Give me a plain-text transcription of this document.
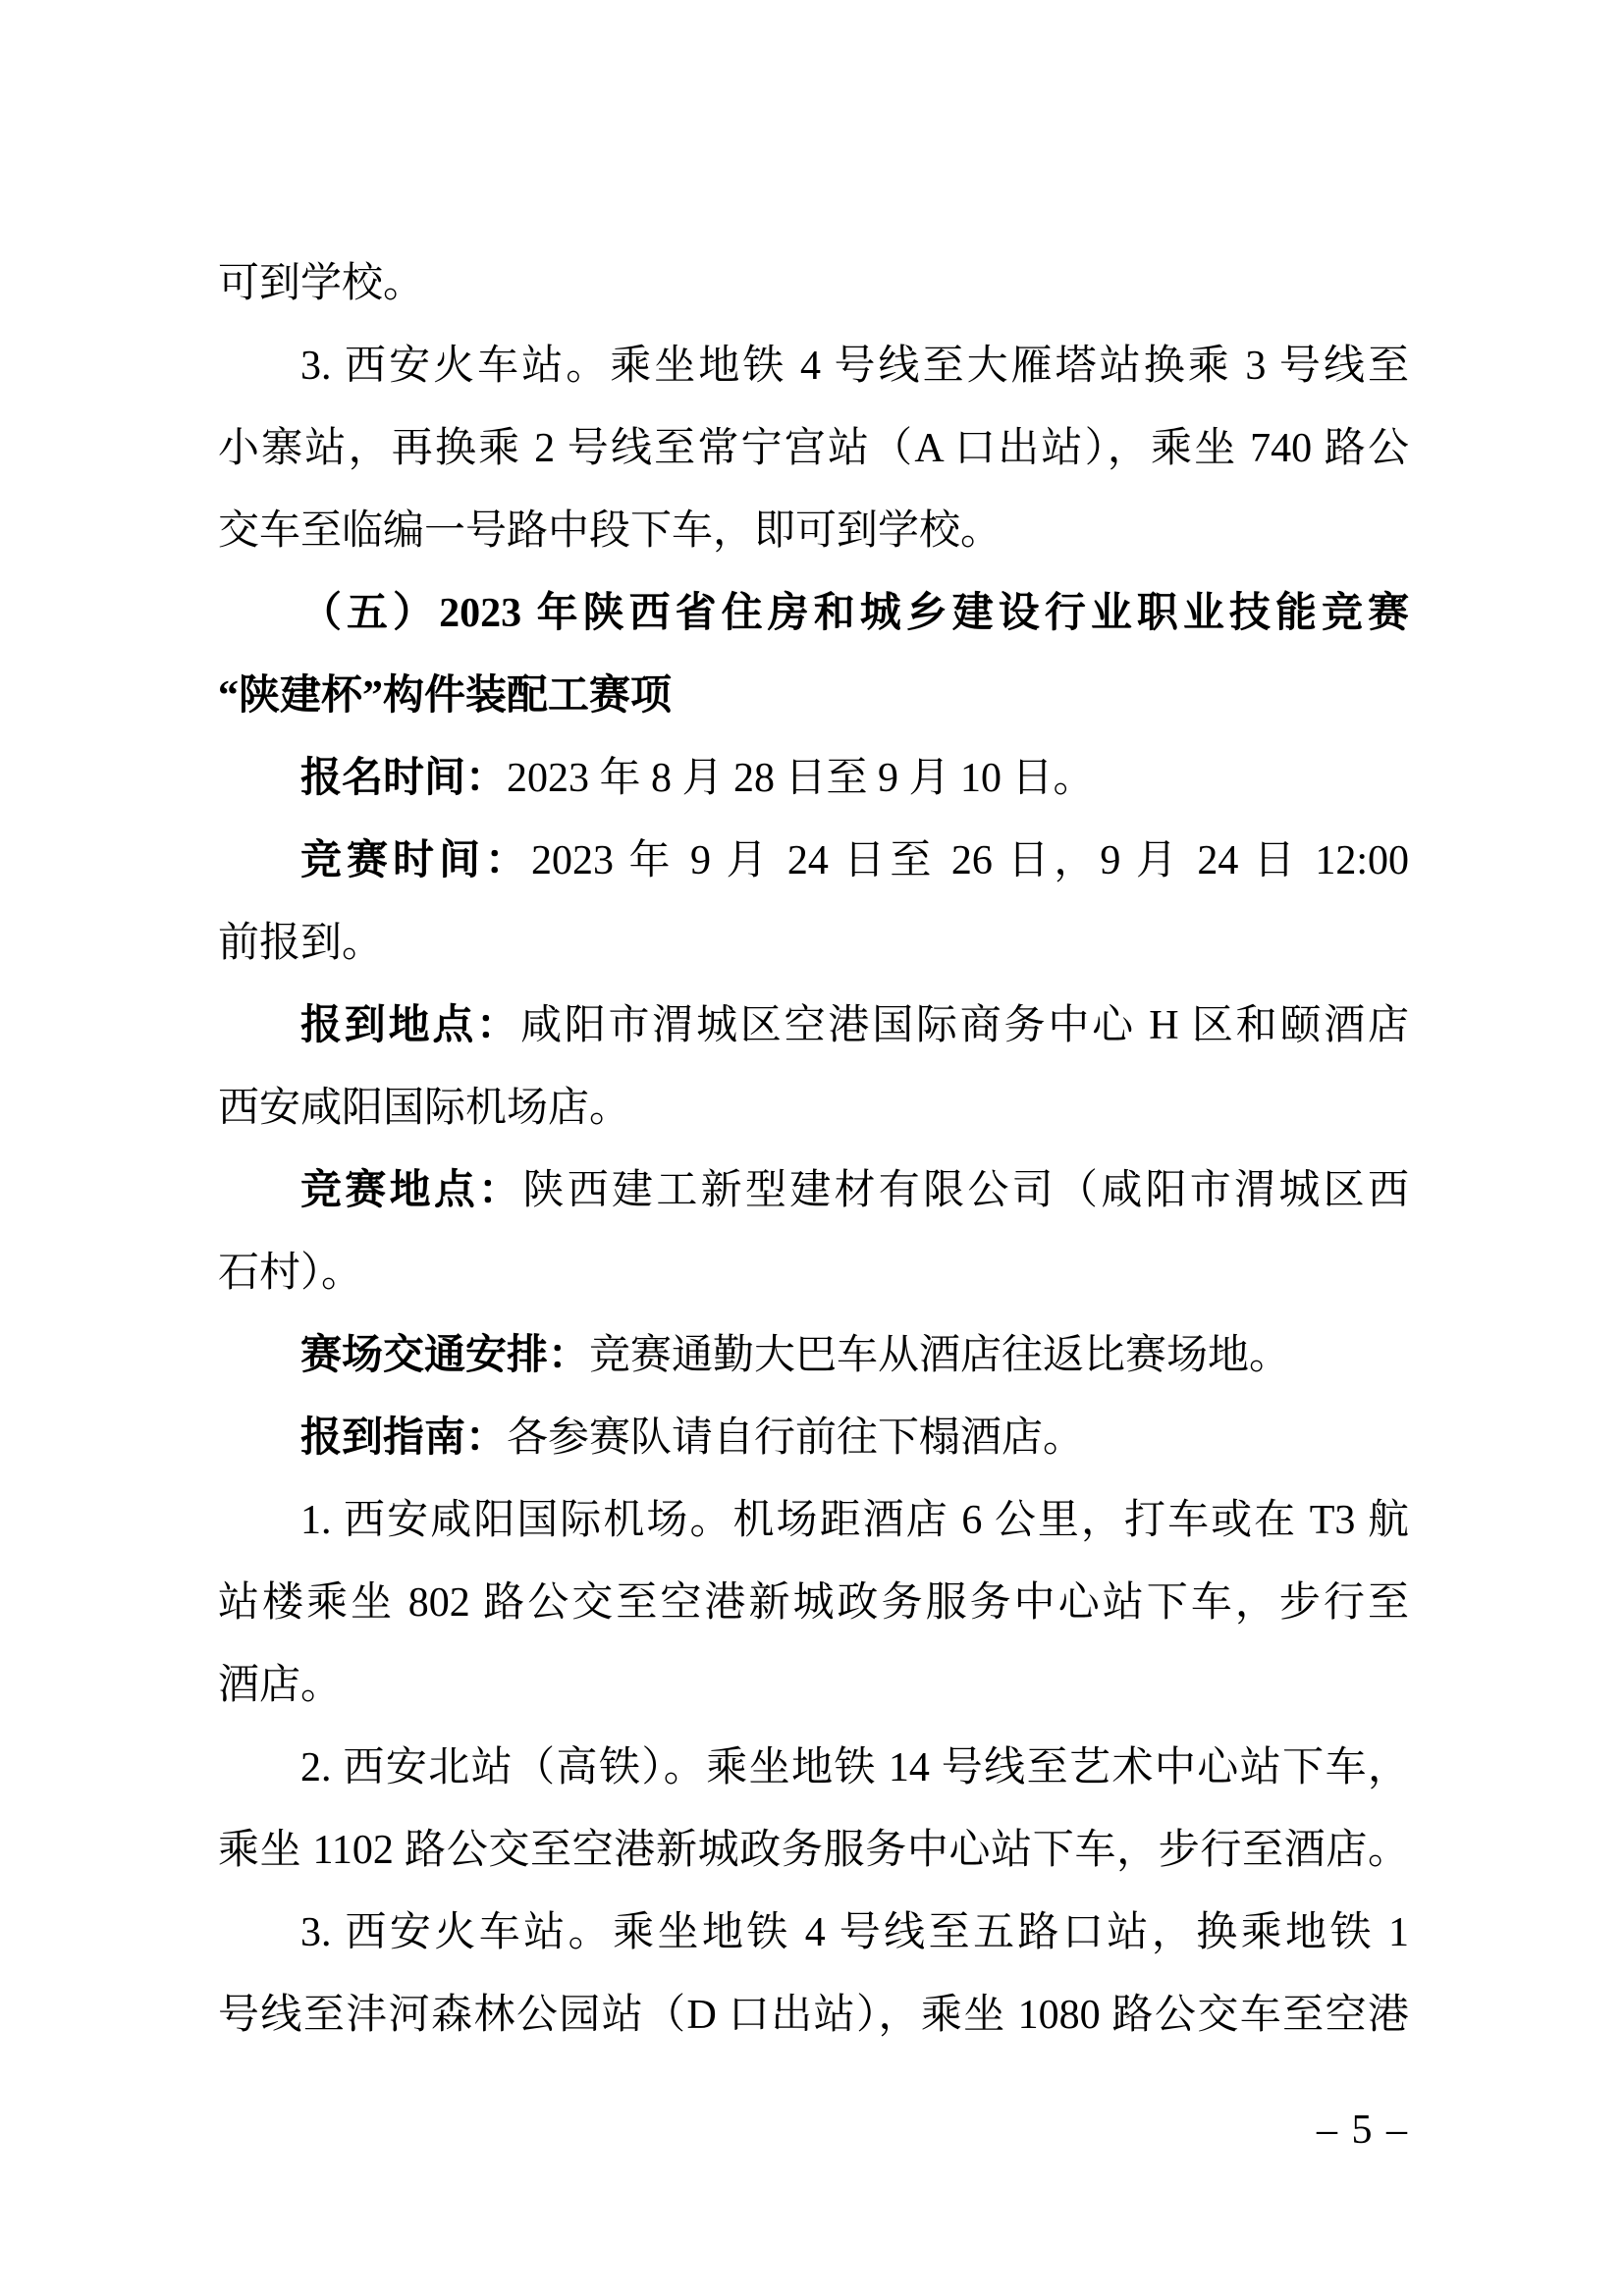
可到学校。
3. 西安火车站。乘坐地铁 4 号线至大雁塔站换乘 3 号线至
小寨站，再换乘 2 号线至常宁宫站（A 口出站），乘坐 740 路公
交车至临编一号路中段下车，即可到学校。
（五）2023 年陕西省住房和城乡建设行业职业技能竞赛
“陕建杯”构件装配工赛项
报名时间：2023 年 8 月 28 日至 9 月 10 日。
竞赛时间：2023 年 9 月 24 日至 26 日，9 月 24 日 12:00
前报到。
报到地点：咸阳市渭城区空港国际商务中心 H 区和颐酒店
西安咸阳国际机场店。
竞赛地点：陕西建工新型建材有限公司（咸阳市渭城区西
石村）。
赛场交通安排：竞赛通勤大巴车从酒店往返比赛场地。
报到指南：各参赛队请自行前往下榻酒店。
1. 西安咸阳国际机场。机场距酒店 6 公里，打车或在 T3 航
站楼乘坐 802 路公交至空港新城政务服务中心站下车，步行至
酒店。
2. 西安北站（高铁）。乘坐地铁 14 号线至艺术中心站下车，
乘坐 1102 路公交至空港新城政务服务中心站下车，步行至酒店。
3. 西安火车站。乘坐地铁 4 号线至五路口站，换乘地铁 1
号线至沣河森林公园站（D 口出站），乘坐 1080 路公交车至空港
– 5 –
